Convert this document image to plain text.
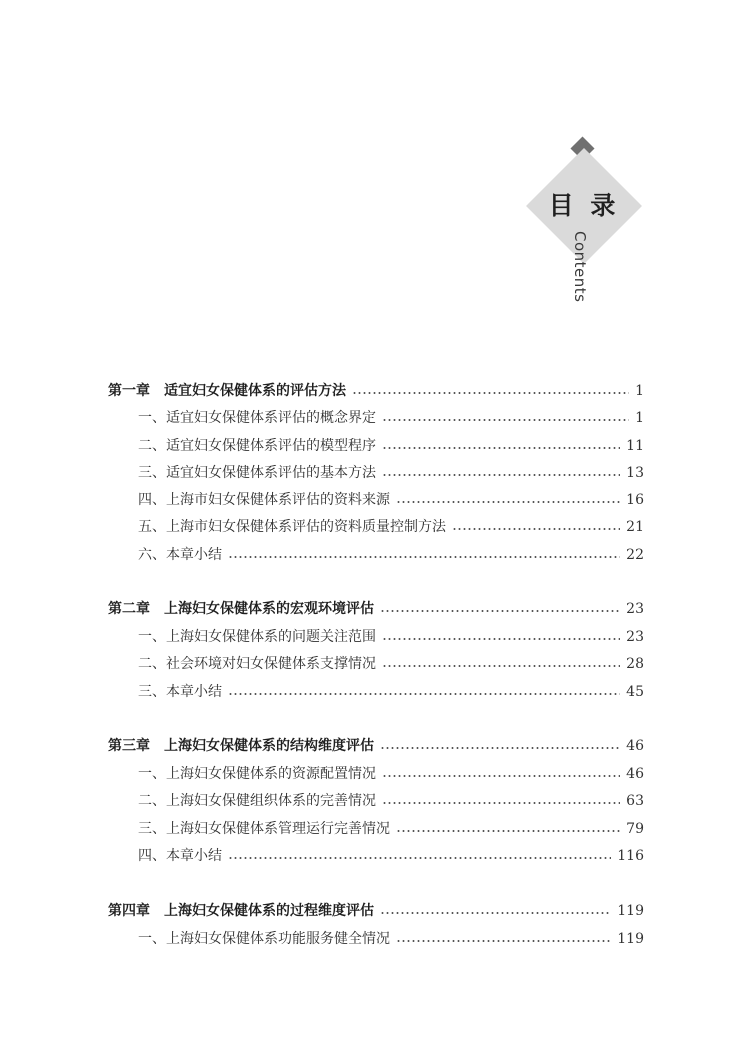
目 录
Contents
第一章 适宜妇女保健体系的评估方法	1
一、适宜妇女保健体系评估的概念界定	1
二、适宜妇女保健体系评估的模型程序	11
三、适宜妇女保健体系评估的基本方法	13
四、上海市妇女保健体系评估的资料来源	16
五、上海市妇女保健体系评估的资料质量控制方法	21
六、本章小结	22
第二章 上海妇女保健体系的宏观环境评估	23
一、上海妇女保健体系的问题关注范围	23
二、社会环境对妇女保健体系支撑情况	28
三、本章小结	45
第三章 上海妇女保健体系的结构维度评估	46
一、上海妇女保健体系的资源配置情况	46
二、上海妇女保健组织体系的完善情况	63
三、上海妇女保健体系管理运行完善情况	79
四、本章小结	116
第四章 上海妇女保健体系的过程维度评估	119
一、上海妇女保健体系功能服务健全情况	119
